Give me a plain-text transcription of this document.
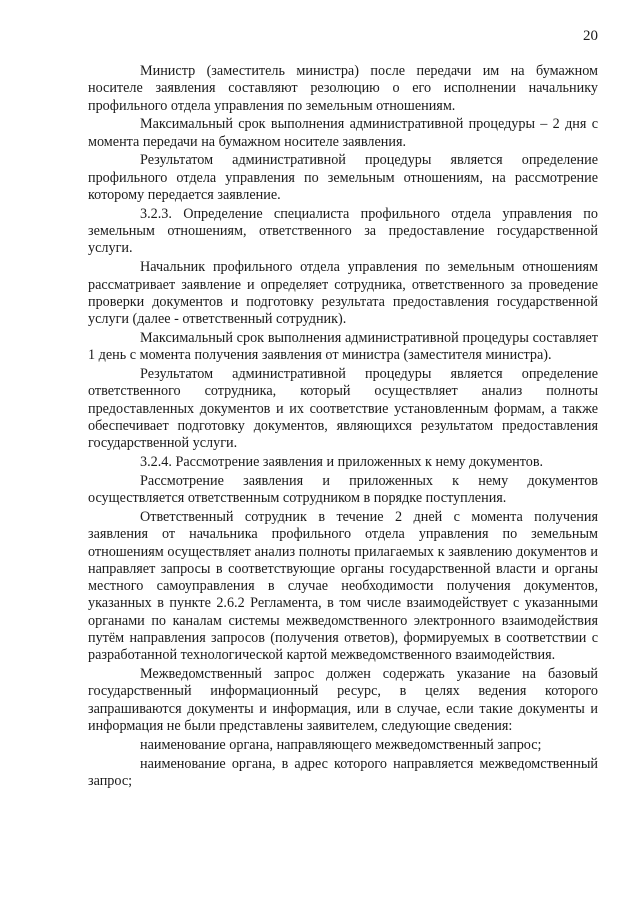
20

Министр (заместитель министра) после передачи им на бумажном носителе заявления составляют резолюцию о его исполнении начальнику профильного отдела управления по земельным отношениям.

Максимальный срок выполнения административной процедуры – 2 дня с момента передачи на бумажном носителе заявления.

Результатом административной процедуры является определение профильного отдела управления по земельным отношениям, на рассмотрение которому передается заявление.

3.2.3. Определение специалиста профильного отдела управления по земельным отношениям, ответственного за предоставление государственной услуги.

Начальник профильного отдела управления по земельным отношениям рассматривает заявление и определяет сотрудника, ответственного за проведение проверки документов и подготовку результата предоставления государственной услуги (далее - ответственный сотрудник).

Максимальный срок выполнения административной процедуры составляет 1 день с момента получения заявления от министра (заместителя министра).

Результатом административной процедуры является определение ответственного сотрудника, который осуществляет анализ полноты предоставленных документов и их соответствие установленным формам, а также обеспечивает подготовку документов, являющихся результатом предоставления государственной услуги.

3.2.4. Рассмотрение заявления и приложенных к нему документов.

Рассмотрение заявления и приложенных к нему документов осуществляется ответственным сотрудником в порядке поступления.

Ответственный сотрудник в течение 2 дней с момента получения заявления от начальника профильного отдела управления по земельным отношениям осуществляет анализ полноты прилагаемых к заявлению документов и направляет запросы в соответствующие органы государственной власти и органы местного самоуправления в случае необходимости получения документов, указанных в пункте 2.6.2 Регламента, в том числе взаимодействует с указанными органами по каналам системы межведомственного электронного взаимодействия путём направления запросов (получения ответов), формируемых в соответствии с разработанной технологической картой межведомственного взаимодействия.

Межведомственный запрос должен содержать указание на базовый государственный информационный ресурс, в целях ведения которого запрашиваются документы и информация, или в случае, если такие документы и информация не были представлены заявителем, следующие сведения:

наименование органа, направляющего межведомственный запрос;

наименование органа, в адрес которого направляется межведомственный запрос;
